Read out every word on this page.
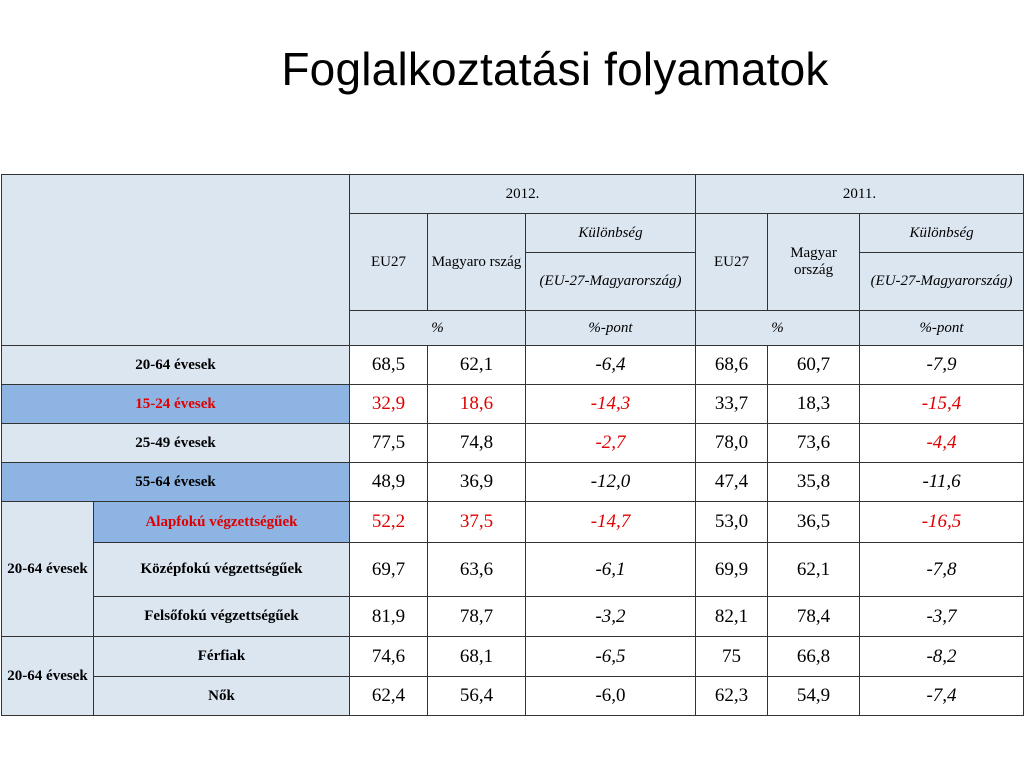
Foglalkoztatási folyamatok
		2012.			2011.		
		EU27	Magyaro rszág	Különbség	EU27	Magyar ország	Különbség
				(EU-27-Magyarország)			(EU-27-Magyarország)
		%		%-pont	%		%-pont
20-64 évesek		68,5	62,1	-6,4	68,6	60,7	-7,9
15-24 évesek		32,9	18,6	-14,3	33,7	18,3	-15,4
25-49 évesek		77,5	74,8	-2,7	78,0	73,6	-4,4
55-64 évesek		48,9	36,9	-12,0	47,4	35,8	-11,6
20-64 évesek	Alapfokú végzettségűek	52,2	37,5	-14,7	53,0	36,5	-16,5
	Középfokú végzettségűek	69,7	63,6	-6,1	69,9	62,1	-7,8
	Felsőfokú végzettségűek	81,9	78,7	-3,2	82,1	78,4	-3,7
20-64 évesek	Férfiak	74,6	68,1	-6,5	75	66,8	-8,2
	Nők	62,4	56,4	-6,0	62,3	54,9	-7,4
